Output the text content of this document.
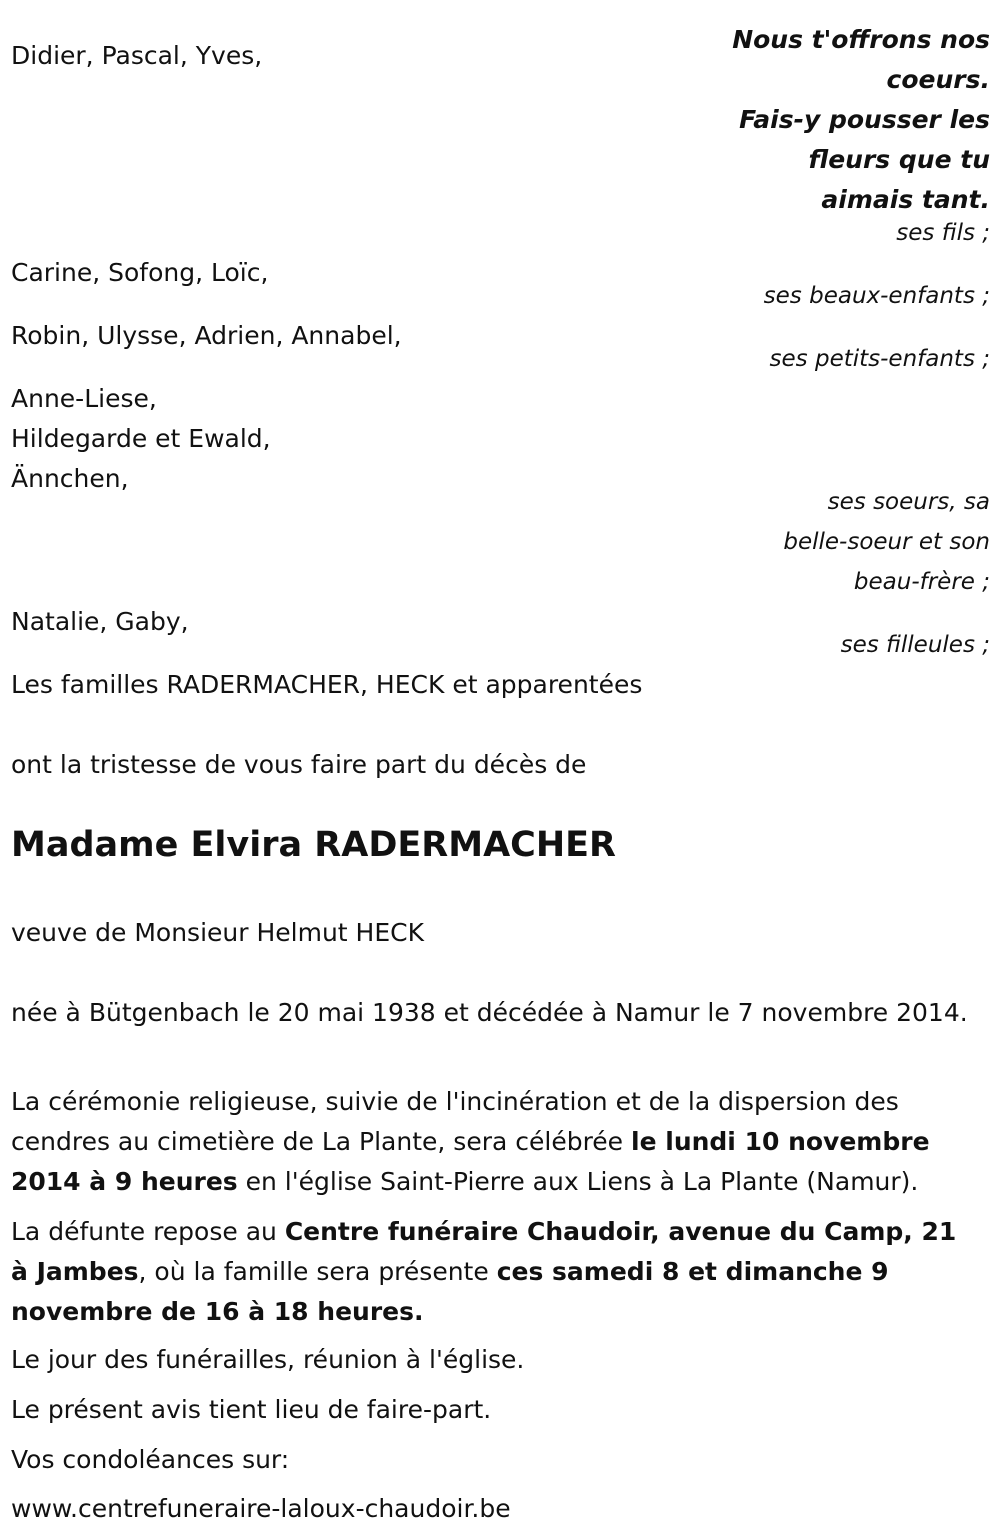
Nous t'offrons nos
coeurs.
Fais-y pousser les
fleurs que tu
aimais tant.
Didier, Pascal, Yves,
ses fils ;
Carine, Sofong, Loïc,
ses beaux-enfants ;
Robin, Ulysse, Adrien, Annabel,
ses petits-enfants ;
Anne-Liese,
Hildegarde et Ewald,
Ännchen,
ses soeurs, sa
belle-soeur et son
beau-frère ;
Natalie, Gaby,
ses filleules ;
Les familles RADERMACHER, HECK et apparentées
ont la tristesse de vous faire part du décès de
Madame Elvira RADERMACHER
veuve de Monsieur Helmut HECK
née à Bütgenbach le 20 mai 1938 et décédée à Namur le 7 novembre 2014.
La cérémonie religieuse, suivie de l'incinération et de la dispersion des cendres au cimetière de La Plante, sera célébrée le lundi 10 novembre 2014 à 9 heures en l'église Saint-Pierre aux Liens à La Plante (Namur).
La défunte repose au Centre funéraire Chaudoir, avenue du Camp, 21 à Jambes, où la famille sera présente ces samedi 8 et dimanche 9 novembre de 16 à 18 heures.
Le jour des funérailles, réunion à l'église.
Le présent avis tient lieu de faire-part.
Vos condoléances sur:
www.centrefuneraire-laloux-chaudoir.be
